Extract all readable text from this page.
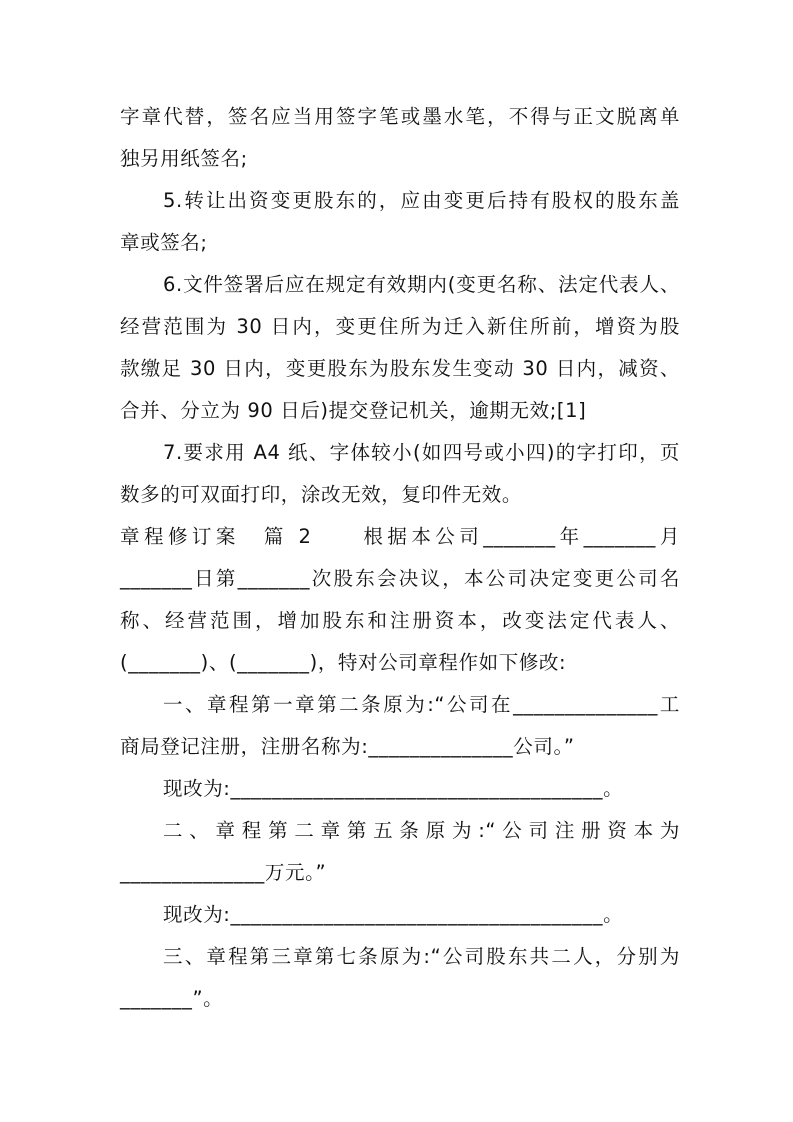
字章代替，签名应当用签字笔或墨水笔，不得与正文脱离单
独另用纸签名;
5.转让出资变更股东的，应由变更后持有股权的股东盖
章或签名;
6.文件签署后应在规定有效期内(变更名称、法定代表人、
经营范围为 30 日内，变更住所为迁入新住所前，增资为股
款缴足 30 日内，变更股东为股东发生变动 30 日内，减资、
合并、分立为 90 日后)提交登记机关，逾期无效;[1]
7.要求用 A4 纸、字体较小(如四号或小四)的字打印，页
数多的可双面打印，涂改无效，复印件无效。
章程修订案　篇 2　　根据本公司_______年_______月
_______日第_______次股东会决议，本公司决定变更公司名
称、经营范围，增加股东和注册资本，改变法定代表人、
(_______)、(_______)，特对公司章程作如下修改:
一、章程第一章第二条原为:“公司在______________工
商局登记注册，注册名称为:______________公司。”
现改为:____________________________________。
二、章程第二章第五条原为:“公司注册资本为
______________万元。”
现改为:____________________________________。
三、章程第三章第七条原为:“公司股东共二人，分别为
_______”。
